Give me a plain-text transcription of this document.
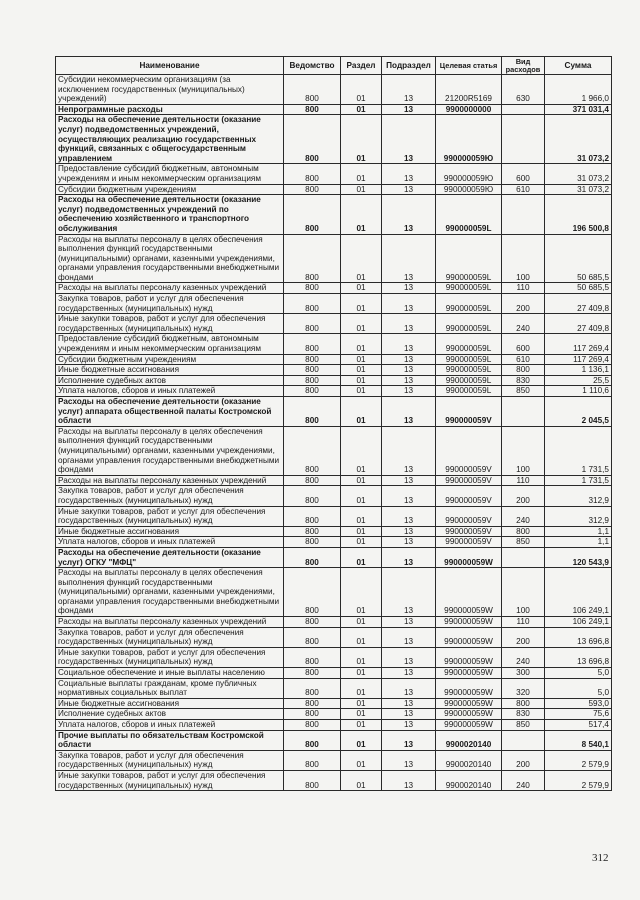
Наименование	Ведомство	Раздел	Подраздел	Целевая статья	Вид расходов	Сумма
Субсидии некоммерческим организациям (за исключением государственных (муниципальных) учреждений)	800	01	13	21200R5169	630	1 966,0
Непрограммные расходы	800	01	13	9900000000		371 031,4
Расходы на обеспечение деятельности (оказание услуг) подведомственных учреждений, осуществляющих реализацию государственных функций, связанных с общегосударственным управлением	800	01	13	990000059Ю		31 073,2
Предоставление субсидий бюджетным, автономным учреждениям и иным некоммерческим организациям	800	01	13	990000059Ю	600	31 073,2
Субсидии бюджетным учреждениям	800	01	13	990000059Ю	610	31 073,2
Расходы на обеспечение деятельности (оказание услуг) подведомственных учреждений по обеспечению хозяйственного и транспортного обслуживания	800	01	13	990000059L		196 500,8
Расходы на выплаты персоналу в целях обеспечения выполнения функций государственными (муниципальными) органами, казенными учреждениями, органами управления государственными внебюджетными фондами	800	01	13	990000059L	100	50 685,5
Расходы на выплаты персоналу казенных учреждений	800	01	13	990000059L	110	50 685,5
Закупка товаров, работ и услуг для обеспечения государственных (муниципальных) нужд	800	01	13	990000059L	200	27 409,8
Иные закупки товаров, работ и услуг для обеспечения государственных (муниципальных) нужд	800	01	13	990000059L	240	27 409,8
Предоставление субсидий бюджетным, автономным учреждениям и иным некоммерческим организациям	800	01	13	990000059L	600	117 269,4
Субсидии бюджетным учреждениям	800	01	13	990000059L	610	117 269,4
Иные бюджетные ассигнования	800	01	13	990000059L	800	1 136,1
Исполнение судебных актов	800	01	13	990000059L	830	25,5
Уплата налогов, сборов и иных платежей	800	01	13	990000059L	850	1 110,6
Расходы на обеспечение деятельности (оказание услуг) аппарата общественной палаты Костромской области	800	01	13	990000059V		2 045,5
Расходы на выплаты персоналу в целях обеспечения выполнения функций государственными (муниципальными) органами, казенными учреждениями, органами управления государственными внебюджетными фондами	800	01	13	990000059V	100	1 731,5
Расходы на выплаты персоналу казенных учреждений	800	01	13	990000059V	110	1 731,5
Закупка товаров, работ и услуг для обеспечения государственных (муниципальных) нужд	800	01	13	990000059V	200	312,9
Иные закупки товаров, работ и услуг для обеспечения государственных (муниципальных) нужд	800	01	13	990000059V	240	312,9
Иные бюджетные ассигнования	800	01	13	990000059V	800	1,1
Уплата налогов, сборов и иных платежей	800	01	13	990000059V	850	1,1
Расходы на обеспечение деятельности (оказание услуг) ОГКУ "МФЦ"	800	01	13	990000059W		120 543,9
Расходы на выплаты персоналу в целях обеспечения выполнения функций государственными (муниципальными) органами, казенными учреждениями, органами управления государственными внебюджетными фондами	800	01	13	990000059W	100	106 249,1
Расходы на выплаты персоналу казенных учреждений	800	01	13	990000059W	110	106 249,1
Закупка товаров, работ и услуг для обеспечения государственных (муниципальных) нужд	800	01	13	990000059W	200	13 696,8
Иные закупки товаров, работ и услуг для обеспечения государственных (муниципальных) нужд	800	01	13	990000059W	240	13 696,8
Социальное обеспечение и иные выплаты населению	800	01	13	990000059W	300	5,0
Социальные выплаты гражданам, кроме публичных нормативных социальных выплат	800	01	13	990000059W	320	5,0
Иные бюджетные ассигнования	800	01	13	990000059W	800	593,0
Исполнение судебных актов	800	01	13	990000059W	830	75,6
Уплата налогов, сборов и иных платежей	800	01	13	990000059W	850	517,4
Прочие выплаты по обязательствам Костромской области	800	01	13	9900020140		8 540,1
Закупка товаров, работ и услуг для обеспечения государственных (муниципальных) нужд	800	01	13	9900020140	200	2 579,9
Иные закупки товаров, работ и услуг для обеспечения государственных (муниципальных) нужд	800	01	13	9900020140	240	2 579,9
312
